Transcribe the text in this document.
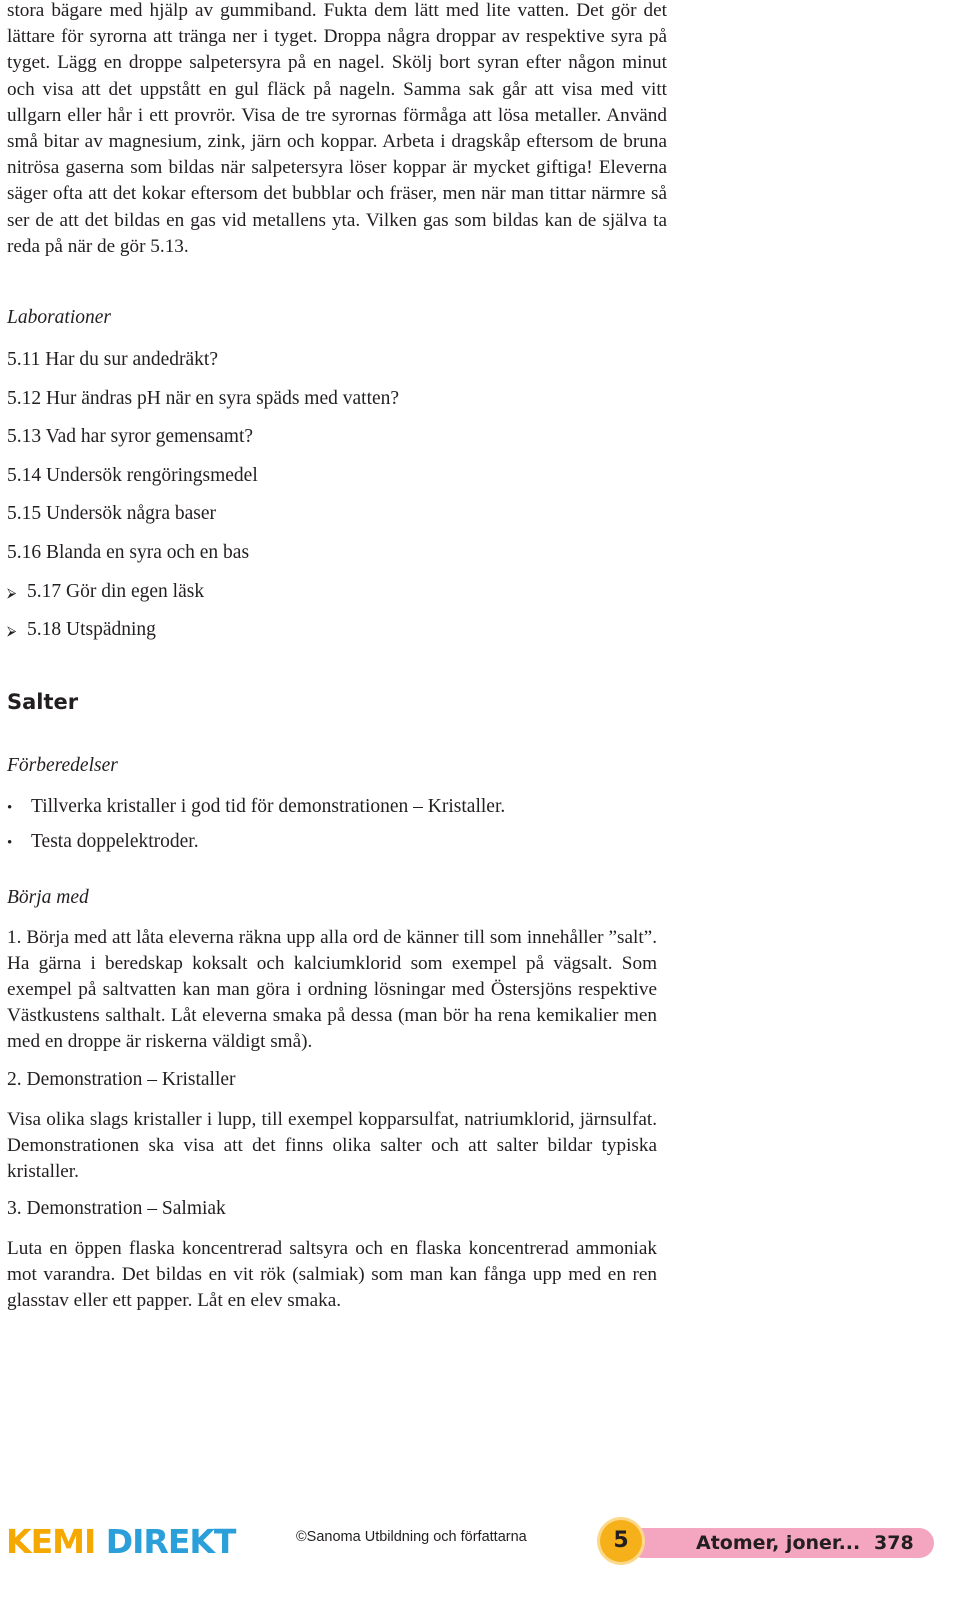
stora bägare med hjälp av gummiband. Fukta dem lätt med lite vatten. Det gör det lättare för syrorna att tränga ner i tyget. Droppa några droppar av respektive syra på tyget. Lägg en droppe salpetersyra på en nagel. Skölj bort syran efter någon minut och visa att det uppstått en gul fläck på nageln. Samma sak går att visa med vitt ullgarn eller hår i ett provrör. Visa de tre syrornas förmåga att lösa metaller. Använd små bitar av magnesium, zink, järn och koppar. Arbeta i dragskåp eftersom de bruna nitrösa gaserna som bildas när salpetersyra löser koppar är mycket giftiga! Eleverna säger ofta att det kokar eftersom det bubblar och fräser, men när man tittar närmre så ser de att det bildas en gas vid metallens yta. Vilken gas som bildas kan de själva ta reda på när de gör 5.13.

Laborationer

5.11 Har du sur andedräkt?
5.12 Hur ändras pH när en syra späds med vatten?
5.13 Vad har syror gemensamt?
5.14 Undersök rengöringsmedel
5.15 Undersök några baser
5.16 Blanda en syra och en bas
⮚ 5.17 Gör din egen läsk
⮚ 5.18 Utspädning
Salter

Förberedelser

• Tillverka kristaller i god tid för demonstrationen – Kristaller.
• Testa doppelektroder.

Börja med

1. Börja med att låta eleverna räkna upp alla ord de känner till som innehåller ”salt”. Ha gärna i beredskap koksalt och kalciumklorid som exempel på vägsalt. Som exempel på saltvatten kan man göra i ordning lösningar med Östersjöns respektive Västkustens salthalt. Låt eleverna smaka på dessa (man bör ha rena kemikalier men med en droppe är riskerna väldigt små).

2. Demonstration – Kristaller

Visa olika slags kristaller i lupp, till exempel kopparsulfat, natriumklorid, järnsulfat. Demonstrationen ska visa att det finns olika salter och att salter bildar typiska kristaller.

3. Demonstration – Salmiak

Luta en öppen flaska koncentrerad saltsyra och en flaska koncentrerad ammoniak mot varandra. Det bildas en vit rök (salmiak) som man kan fånga upp med en ren glasstav eller ett papper. Låt en elev smaka.

KEMI DIREKT	©Sanoma Utbildning och författarna	5	Atomer, joner... 378
